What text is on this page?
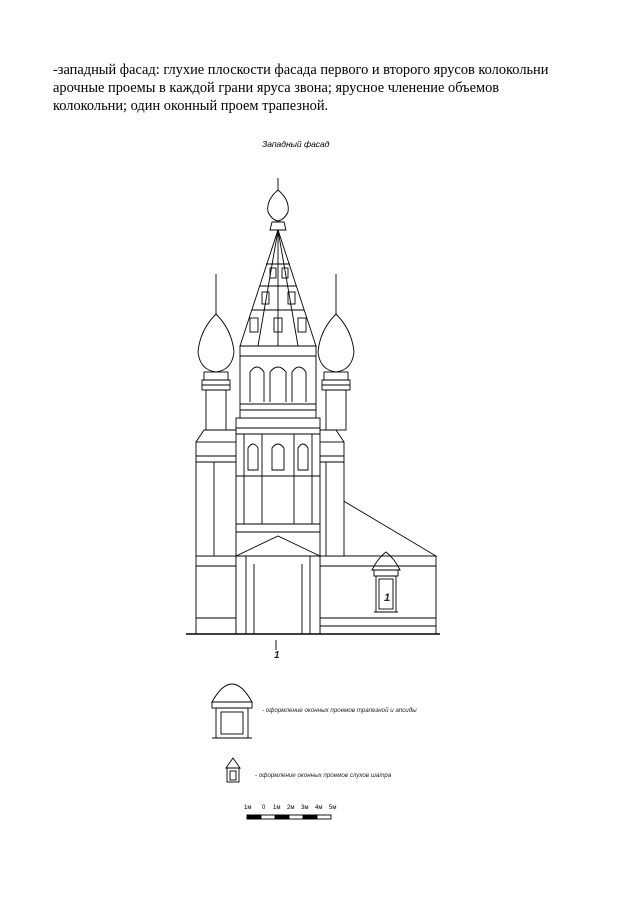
-западный фасад: глухие плоскости фасада первого и второго ярусов колокольни
арочные проемы в каждой грани яруса звона; ярусное членение объемов
колокольни; один оконный проем трапезной.
Западный фасад
1
1
- оформление оконных проемов трапезной и апсиды
- оформление оконных проемов слухов шатра
1м 0 1м 2м 3м 4м 5м
